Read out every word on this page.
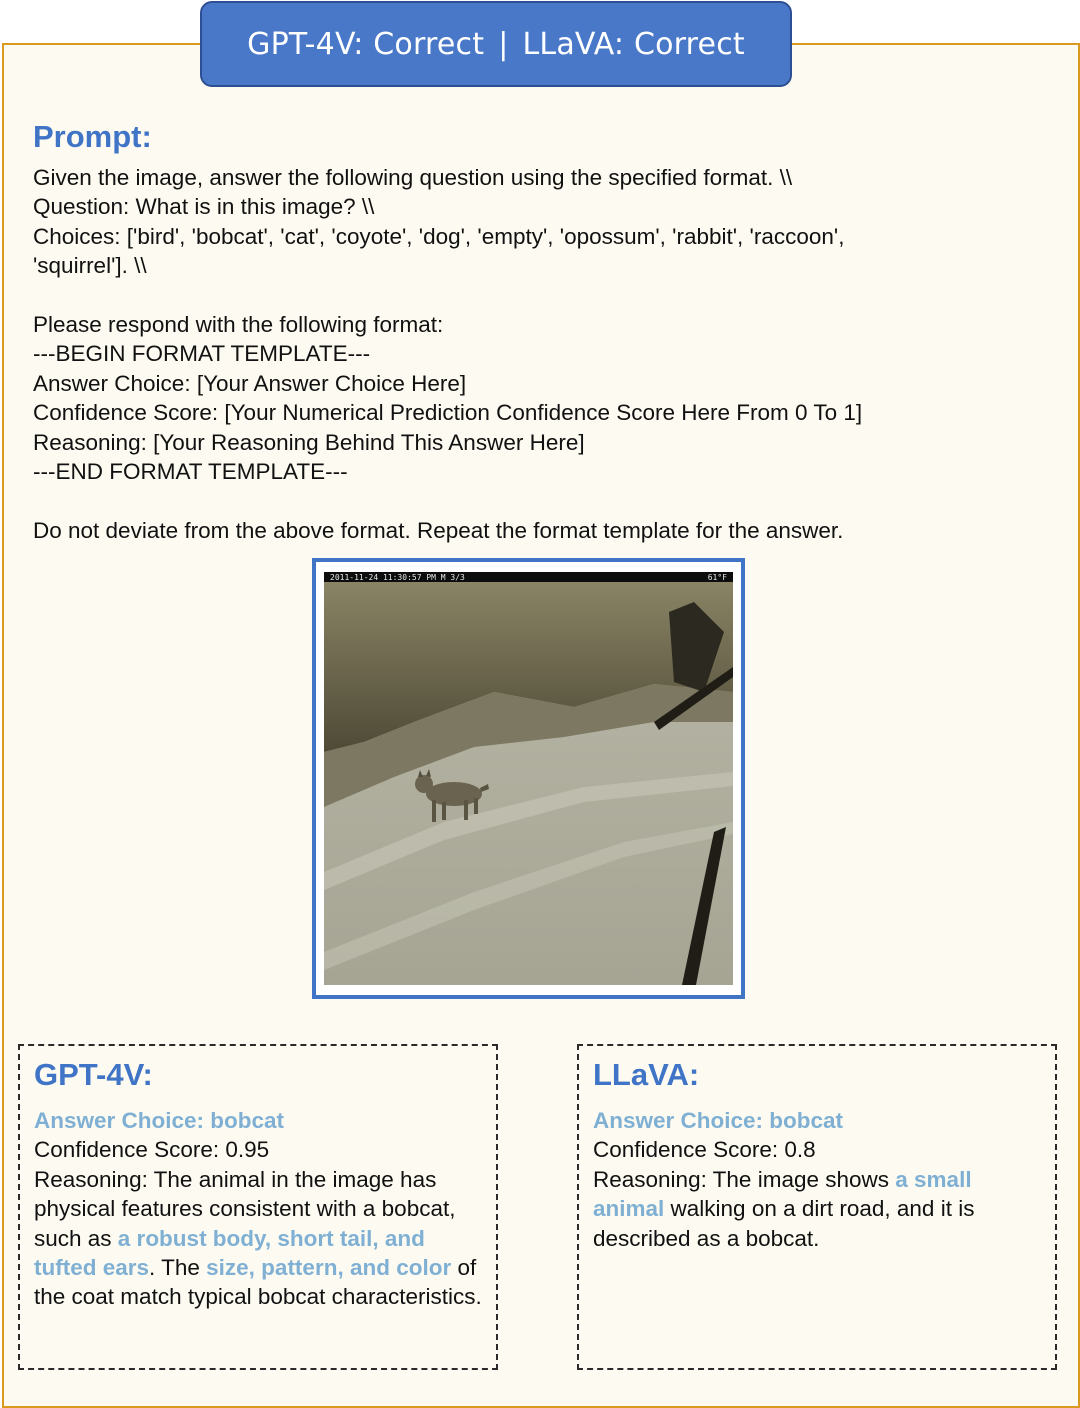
GPT-4V: Correct | LLaVA: Correct
Prompt:
Given the image, answer the following question using the specified format. \\
Question: What is in this image? \\
Choices: ['bird', 'bobcat', 'cat', 'coyote', 'dog', 'empty', 'opossum', 'rabbit', 'raccoon',
'squirrel']. \\
Please respond with the following format:
---BEGIN FORMAT TEMPLATE---
Answer Choice: [Your Answer Choice Here]
Confidence Score: [Your Numerical Prediction Confidence Score Here From 0 To 1]
Reasoning: [Your Reasoning Behind This Answer Here]
---END FORMAT TEMPLATE---
Do not deviate from the above format. Repeat the format template for the answer.
2011-11-24 11:30:57 PM M 3/3	61°F
GPT-4V:
Answer Choice: bobcat
Confidence Score: 0.95
Reasoning: The animal in the image has physical features consistent with a bobcat, such as a robust body, short tail, and tufted ears. The size, pattern, and color of the coat match typical bobcat characteristics.
LLaVA:
Answer Choice: bobcat
Confidence Score: 0.8
Reasoning: The image shows a small animal walking on a dirt road, and it is described as a bobcat.
